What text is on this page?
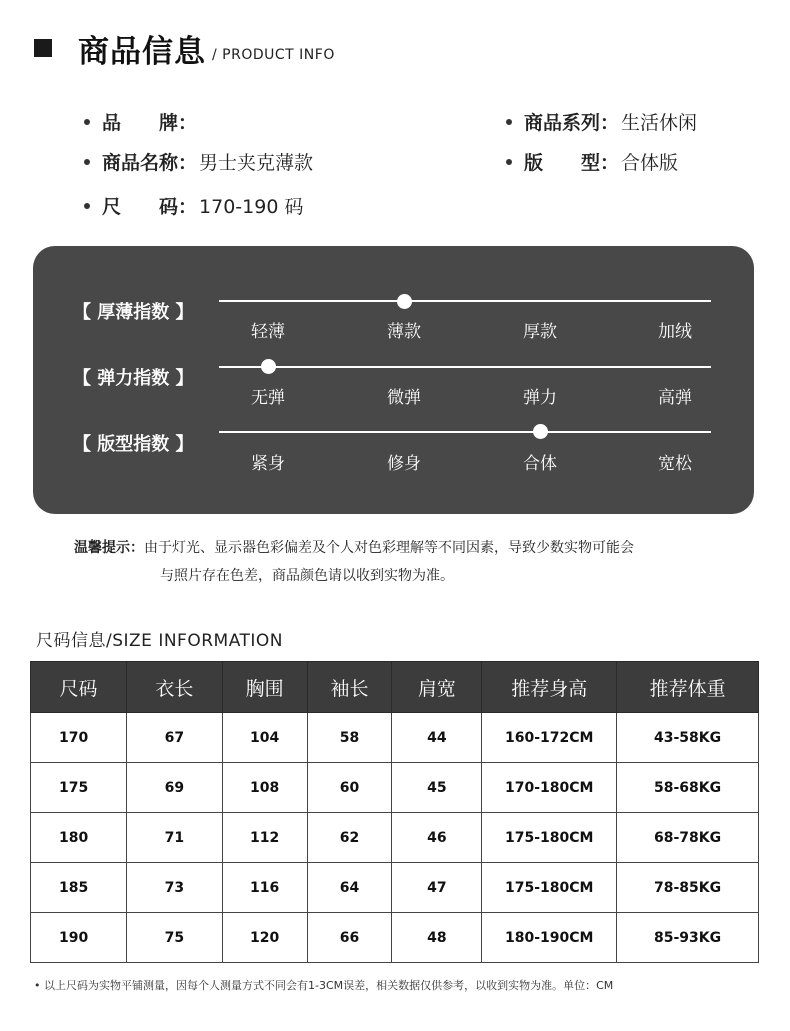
商品信息 / PRODUCT INFO
品　　牌：	商品系列： 生活休闲
商品名称： 男士夹克薄款	版　　型： 合体版
尺　　码： 170-190 码
【 厚薄指数 】
轻薄	薄款	厚款	加绒
【 弹力指数 】
无弹	微弹	弹力	高弹
【 版型指数 】
紧身	修身	合体	宽松
温馨提示：由于灯光、显示器色彩偏差及个人对色彩理解等不同因素，导致少数实物可能会
与照片存在色差，商品颜色请以收到实物为准。
尺码信息/SIZE INFORMATION
尺码	衣长	胸围	袖长	肩宽	推荐身高	推荐体重
170	67	104	58	44	160-172CM	43-58KG
175	69	108	60	45	170-180CM	58-68KG
180	71	112	62	46	175-180CM	68-78KG
185	73	116	64	47	175-180CM	78-85KG
190	75	120	66	48	180-190CM	85-93KG
• 以上尺码为实物平铺测量，因每个人测量方式不同会有1-3CM误差，相关数据仅供参考，以收到实物为准。单位：CM
